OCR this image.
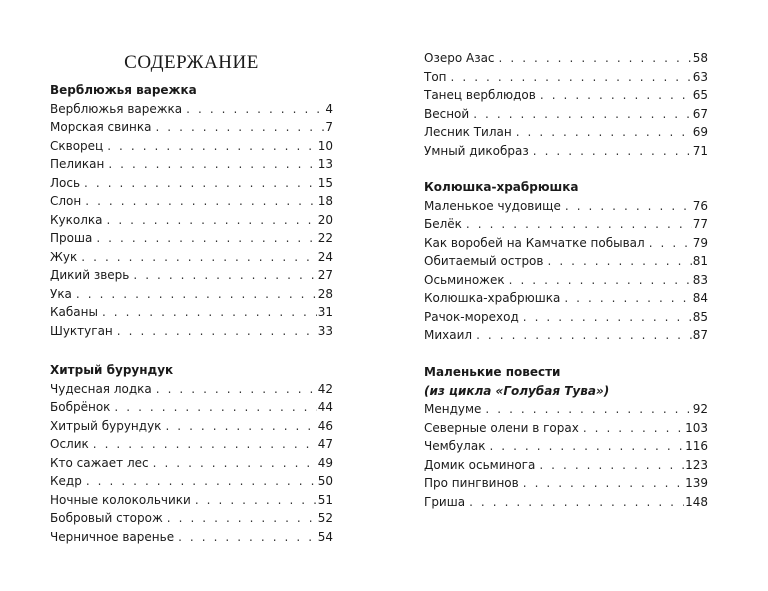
СОДЕРЖАНИЕ
Верблюжья варежка
Верблюжья варежка . . .	4
Морская свинка . . .	7
Скворец . . .	10
Пеликан . . .	13
Лось . . .	15
Слон . . .	18
Куколка . . .	20
Проша . . .	22
Жук . . .	24
Дикий зверь . . .	27
Ука . . .	28
Кабаны . . .	31
Шуктуган . . .	33
Хитрый бурундук
Чудесная лодка . . .	42
Бобрёнок . . .	44
Хитрый бурундук . . .	46
Ослик . . .	47
Кто сажает лес . . .	49
Кедр . . .	50
Ночные колокольчики . . .	51
Бобровый сторож . . .	52
Черничное варенье . . .	54
Озеро Азас . . .	58
Топ . . .	63
Танец верблюдов . . .	65
Весной . . .	67
Лесник Тилан . . .	69
Умный дикобраз . . .	71
Колюшка-храбрюшка
Маленькое чудовище . . .	76
Белёк . . .	77
Как воробей на Камчатке побывал . . .	79
Обитаемый остров . . .	81
Осьминожек . . .	83
Колюшка-храбрюшка . . .	84
Рачок-мореход . . .	85
Михаил . . .	87
Маленькие повести
(из цикла «Голубая Тува»)
Мендуме . . .	92
Северные олени в горах . . .	103
Чембулак . . .	116
Домик осьминога . . .	123
Про пингвинов . . .	139
Гриша . . .	148
